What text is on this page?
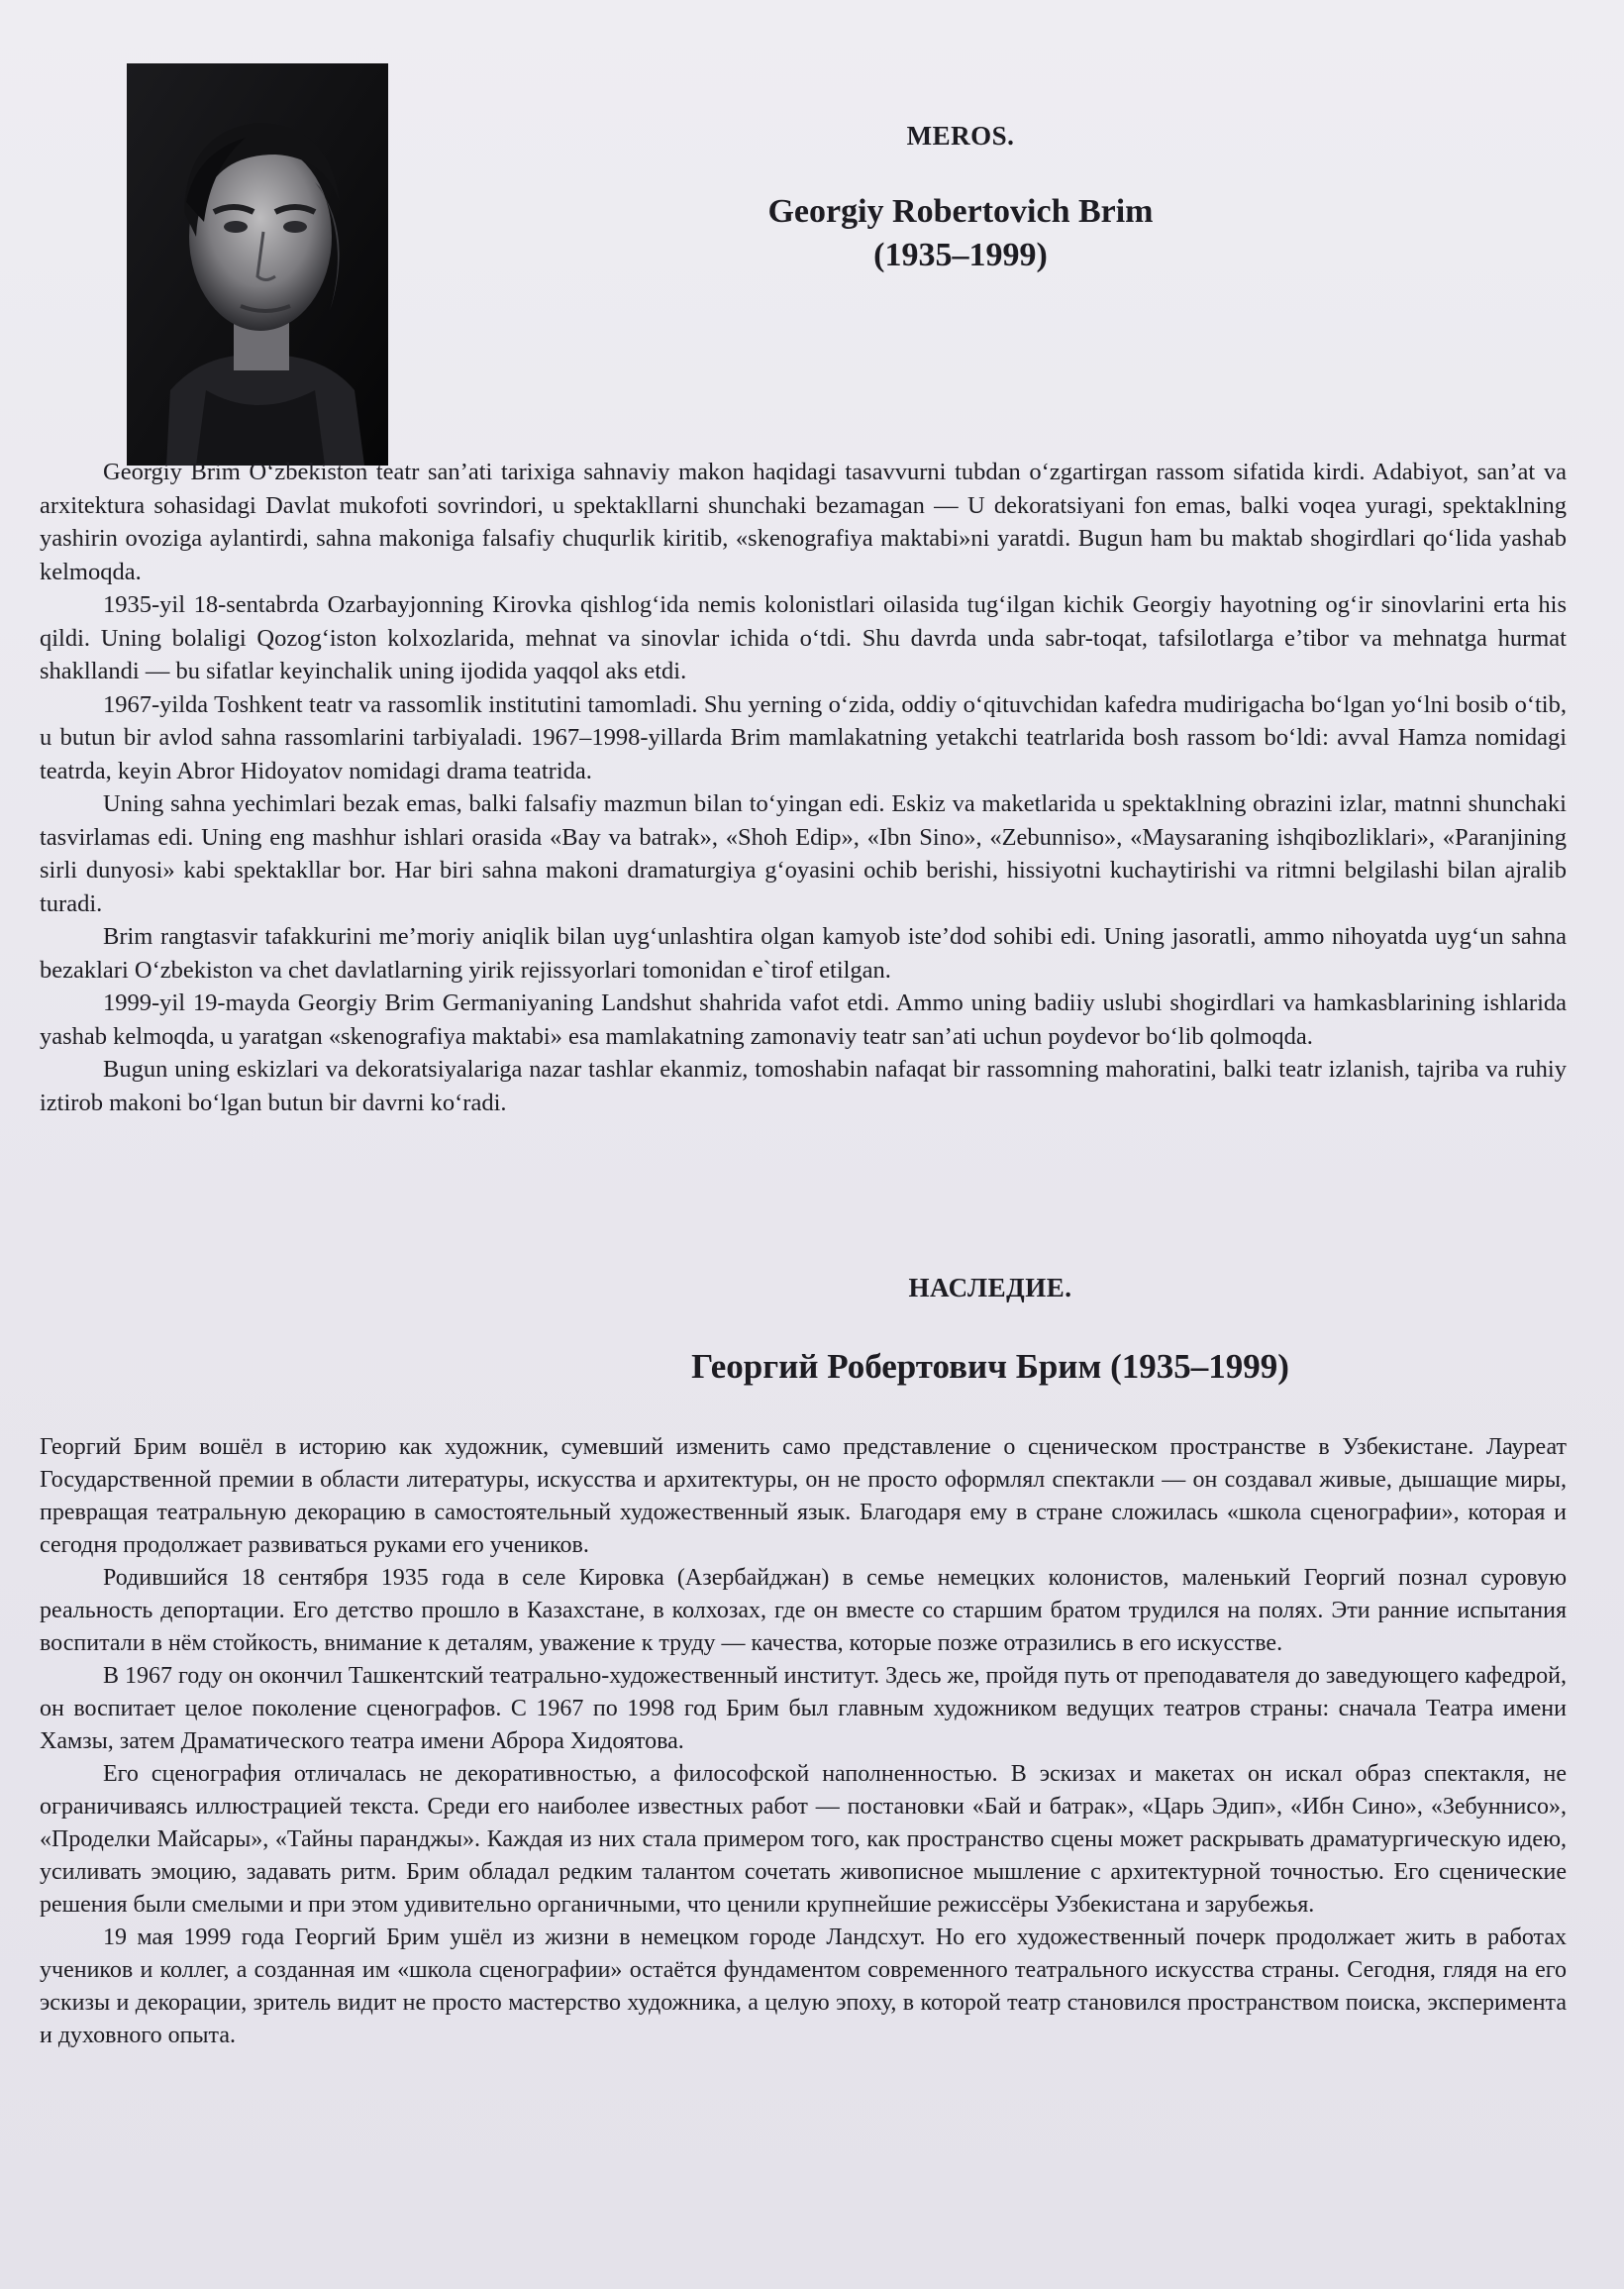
MEROS.
Georgiy Robertovich Brim
(1935–1999)

Georgiy Brim O‘zbekiston teatr san’ati tarixiga sahnaviy makon haqidagi tasavvurni tubdan o‘zgartirgan rassom sifatida kirdi. Adabiyot, san’at va arxitektura sohasidagi Davlat mukofoti sovrindori, u spektakllarni shunchaki bezamagan — U dekoratsiyani fon emas, balki voqea yuragi, spektaklning yashirin ovoziga aylantirdi, sahna makoniga falsafiy chuqurlik kiritib, «skenografiya maktabi»ni yaratdi. Bugun ham bu maktab shogirdlari qo‘lida yashab kelmoqda.

1935-yil 18-sentabrda Ozarbayjonning Kirovka qishlog‘ida nemis kolonistlari oilasida tug‘ilgan kichik Georgiy hayotning og‘ir sinovlarini erta his qildi. Uning bolaligi Qozog‘iston kolxozlarida, mehnat va sinovlar ichida o‘tdi. Shu davrda unda sabr-toqat, tafsilotlarga e’tibor va mehnatga hurmat shakllandi — bu sifatlar keyinchalik uning ijodida yaqqol aks etdi.

1967-yilda Toshkent teatr va rassomlik institutini tamomladi. Shu yerning o‘zida, oddiy o‘qituvchidan kafedra mudirigacha bo‘lgan yo‘lni bosib o‘tib, u butun bir avlod sahna rassomlarini tarbiyaladi. 1967–1998-yillarda Brim mamlakatning yetakchi teatrlarida bosh rassom bo‘ldi: avval Hamza nomidagi teatrda, keyin Abror Hidoyatov nomidagi drama teatrida.

Uning sahna yechimlari bezak emas, balki falsafiy mazmun bilan to‘yingan edi. Eskiz va maketlarida u spektaklning obrazini izlar, matnni shunchaki tasvirlamas edi. Uning eng mashhur ishlari orasida «Bay va batrak», «Shoh Edip», «Ibn Sino», «Zebunniso», «Maysaraning ishqibozliklari», «Paranjining sirli dunyosi» kabi spektakllar bor. Har biri sahna makoni dramaturgiya g‘oyasini ochib berishi, hissiyotni kuchaytirishi va ritmni belgilashi bilan ajralib turadi.

Brim rangtasvir tafakkurini me’moriy aniqlik bilan uyg‘unlashtira olgan kamyob iste’dod sohibi edi. Uning jasoratli, ammo nihoyatda uyg‘un sahna bezaklari O‘zbekiston va chet davlatlarning yirik rejissyorlari tomonidan e`tirof etilgan.

1999-yil 19-mayda Georgiy Brim Germaniyaning Landshut shahrida vafot etdi. Ammo uning badiiy uslubi shogirdlari va hamkasblarining ishlarida yashab kelmoqda, u yaratgan «skenografiya maktabi» esa mamlakatning zamonaviy teatr san’ati uchun poydevor bo‘lib qolmoqda.

Bugun uning eskizlari va dekoratsiyalariga nazar tashlar ekanmiz, tomoshabin nafaqat bir rassomning mahoratini, balki teatr izlanish, tajriba va ruhiy iztirob makoni bo‘lgan butun bir davrni ko‘radi.

НАСЛЕДИЕ.
Георгий Робертович Брим (1935–1999)

Георгий Брим вошёл в историю как художник, сумевший изменить само представление о сценическом пространстве в Узбекистане. Лауреат Государственной премии в области литературы, искусства и архитектуры, он не просто оформлял спектакли — он создавал живые, дышащие миры, превращая театральную декорацию в самостоятельный художественный язык. Благодаря ему в стране сложилась «школа сценографии», которая и сегодня продолжает развиваться руками его учеников.

Родившийся 18 сентября 1935 года в селе Кировка (Азербайджан) в семье немецких колонистов, маленький Георгий познал суровую реальность депортации. Его детство прошло в Казахстане, в колхозах, где он вместе со старшим братом трудился на полях. Эти ранние испытания воспитали в нём стойкость, внимание к деталям, уважение к труду — качества, которые позже отразились в его искусстве.

В 1967 году он окончил Ташкентский театрально-художественный институт. Здесь же, пройдя путь от преподавателя до заведующего кафедрой, он воспитает целое поколение сценографов. С 1967 по 1998 год Брим был главным художником ведущих театров страны: сначала Театра имени Хамзы, затем Драматического театра имени Аброра Хидоятова.

Его сценография отличалась не декоративностью, а философской наполненностью. В эскизах и макетах он искал образ спектакля, не ограничиваясь иллюстрацией текста. Среди его наиболее известных работ — постановки «Бай и батрак», «Царь Эдип», «Ибн Сино», «Зебуннисо», «Проделки Майсары», «Тайны паранджы». Каждая из них стала примером того, как пространство сцены может раскрывать драматургическую идею, усиливать эмоцию, задавать ритм. Брим обладал редким талантом сочетать живописное мышление с архитектурной точностью. Его сценические решения были смелыми и при этом удивительно органичными, что ценили крупнейшие режиссёры Узбекистана и зарубежья.

19 мая 1999 года Георгий Брим ушёл из жизни в немецком городе Ландсхут. Но его художественный почерк продолжает жить в работах учеников и коллег, а созданная им «школа сценографии» остаётся фундаментом современного театрального искусства страны. Сегодня, глядя на его эскизы и декорации, зритель видит не просто мастерство художника, а целую эпоху, в которой театр становился пространством поиска, эксперимента и духовного опыта.
